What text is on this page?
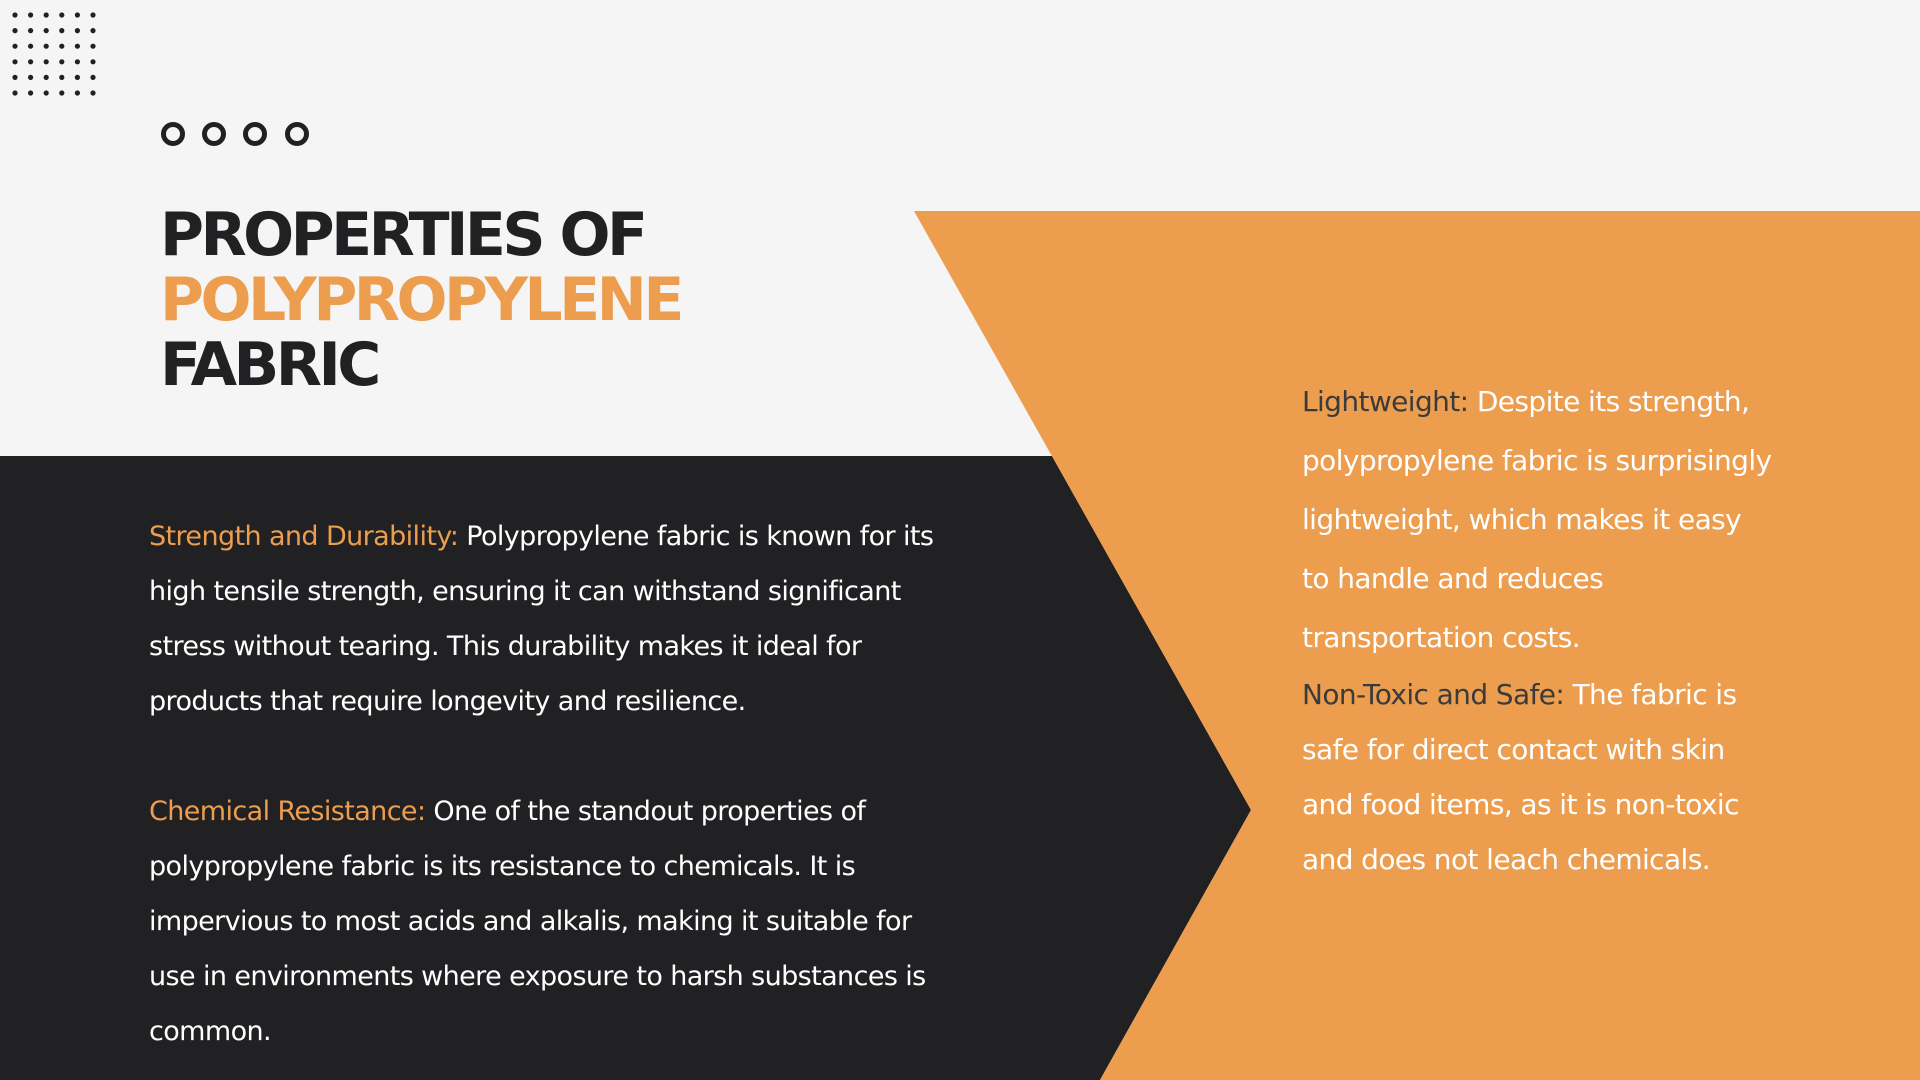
PROPERTIES OF
POLYPROPYLENE
FABRIC

Strength and Durability: Polypropylene fabric is known for its high tensile strength, ensuring it can withstand significant stress without tearing. This durability makes it ideal for products that require longevity and resilience.

Chemical Resistance: One of the standout properties of polypropylene fabric is its resistance to chemicals. It is impervious to most acids and alkalis, making it suitable for use in environments where exposure to harsh substances is common.

Lightweight: Despite its strength, polypropylene fabric is surprisingly lightweight, which makes it easy to handle and reduces transportation costs.

Non-Toxic and Safe: The fabric is safe for direct contact with skin and food items, as it is non-toxic and does not leach chemicals.
